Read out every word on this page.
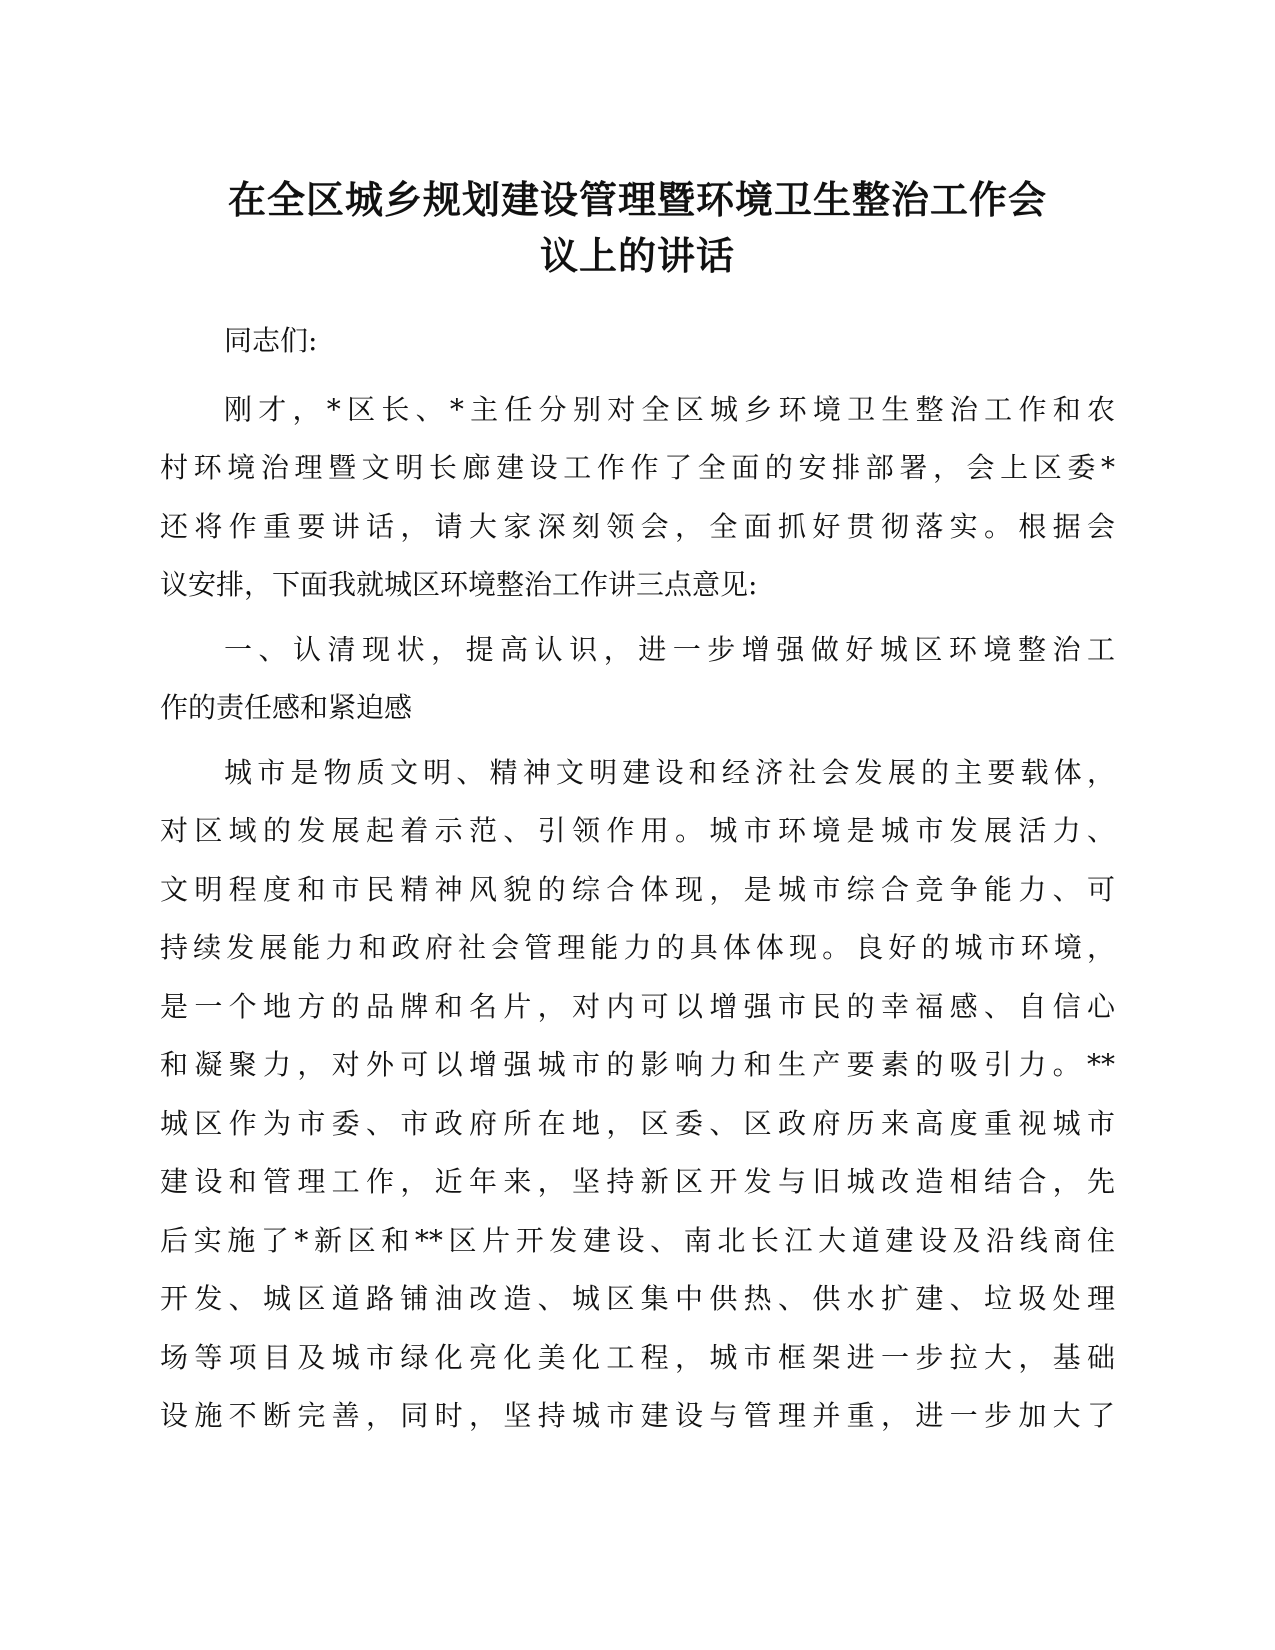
在全区城乡规划建设管理暨环境卫生整治工作会
议上的讲话
同志们:
刚才，*区长、*主任分别对全区城乡环境卫生整治工作和农
村环境治理暨文明长廊建设工作作了全面的安排部署，会上区委*
还将作重要讲话，请大家深刻领会，全面抓好贯彻落实。根据会
议安排，下面我就城区环境整治工作讲三点意见:
一、认清现状，提高认识，进一步增强做好城区环境整治工
作的责任感和紧迫感
城市是物质文明、精神文明建设和经济社会发展的主要载体，
对区域的发展起着示范、引领作用。城市环境是城市发展活力、
文明程度和市民精神风貌的综合体现，是城市综合竞争能力、可
持续发展能力和政府社会管理能力的具体体现。良好的城市环境，
是一个地方的品牌和名片，对内可以增强市民的幸福感、自信心
和凝聚力，对外可以增强城市的影响力和生产要素的吸引力。**
城区作为市委、市政府所在地，区委、区政府历来高度重视城市
建设和管理工作，近年来，坚持新区开发与旧城改造相结合，先
后实施了*新区和**区片开发建设、南北长江大道建设及沿线商住
开发、城区道路铺油改造、城区集中供热、供水扩建、垃圾处理
场等项目及城市绿化亮化美化工程，城市框架进一步拉大，基础
设施不断完善，同时，坚持城市建设与管理并重，进一步加大了
